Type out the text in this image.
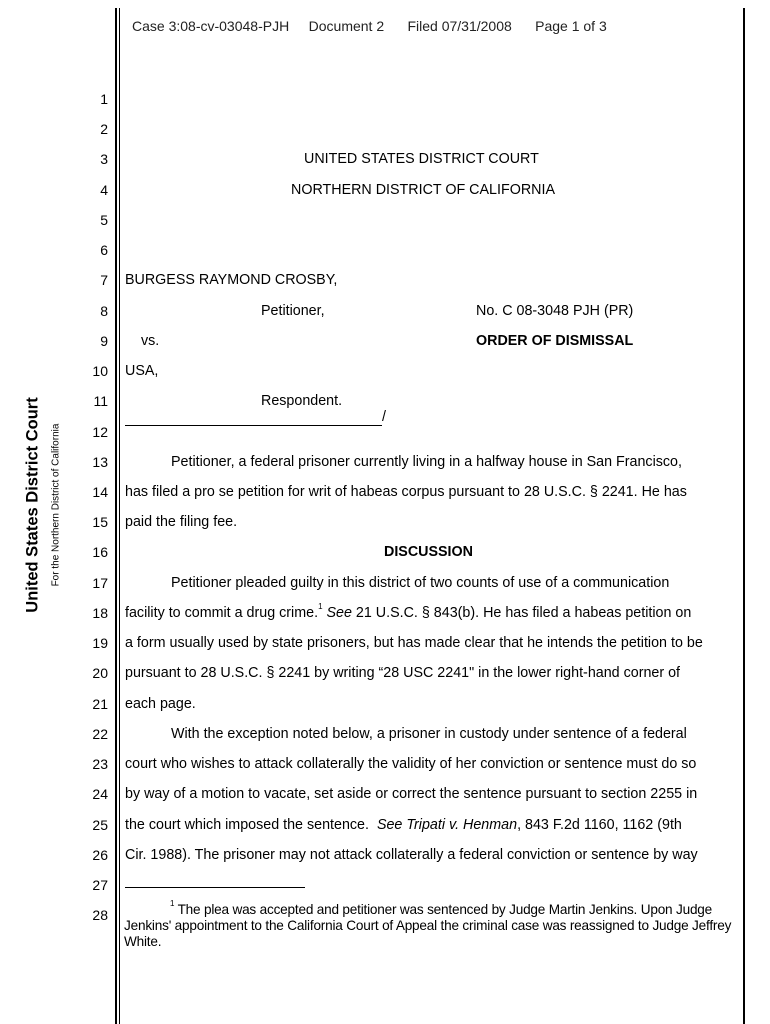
Case 3:08-cv-03048-PJH Document 2 Filed 07/31/2008 Page 1 of 3
United States District Court For the Northern District of California
1
2
3
4
5
6
7
8
9
10
11
12
13
14
15
16
17
18
19
20
21
22
23
24
25
26
27
28
UNITED STATES DISTRICT COURT
NORTHERN DISTRICT OF CALIFORNIA
BURGESS RAYMOND CROSBY,
Petitioner,	No. C 08-3048 PJH (PR)
vs.	ORDER OF DISMISSAL
USA,
Respondent.
/
Petitioner, a federal prisoner currently living in a halfway house in San Francisco,
has filed a pro se petition for writ of habeas corpus pursuant to 28 U.S.C. § 2241. He has
paid the filing fee.
DISCUSSION
Petitioner pleaded guilty in this district of two counts of use of a communication
facility to commit a drug crime.$^1$ See 21 U.S.C. § 843(b). He has filed a habeas petition on
a form usually used by state prisoners, but has made clear that he intends the petition to be
pursuant to 28 U.S.C. § 2241 by writing “28 USC 2241" in the lower right-hand corner of
each page.
With the exception noted below, a prisoner in custody under sentence of a federal
court who wishes to attack collaterally the validity of her conviction or sentence must do so
by way of a motion to vacate, set aside or correct the sentence pursuant to section 2255 in
the court which imposed the sentence.  See Tripati v. Henman, 843 F.2d 1160, 1162 (9th
Cir. 1988). The prisoner may not attack collaterally a federal conviction or sentence by way
$^1$ The plea was accepted and petitioner was sentenced by Judge Martin Jenkins. Upon Judge Jenkins' appointment to the California Court of Appeal the criminal case was reassigned to Judge Jeffrey White.
